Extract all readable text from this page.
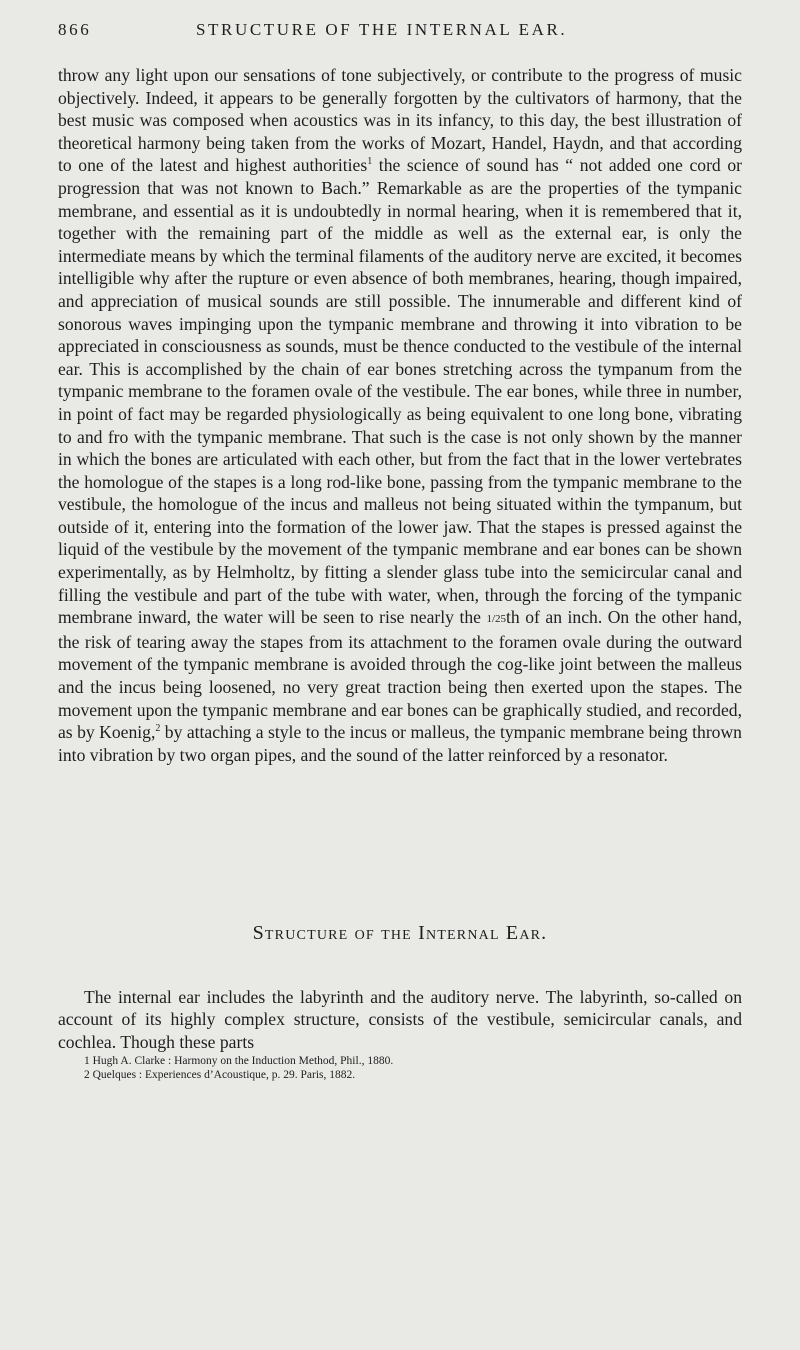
866	STRUCTURE OF THE INTERNAL EAR.

throw any light upon our sensations of tone subjectively, or contribute to the progress of music objectively. Indeed, it appears to be generally forgotten by the cultivators of harmony, that the best music was composed when acoustics was in its infancy, to this day, the best illustration of theoretical harmony being taken from the works of Mozart, Handel, Haydn, and that according to one of the latest and highest authorities$^1$ the science of sound has “ not added one cord or progression that was not known to Bach.” Remarkable as are the properties of the tympanic membrane, and essential as it is undoubtedly in normal hearing, when it is remembered that it, together with the remaining part of the middle as well as the external ear, is only the intermediate means by which the terminal filaments of the auditory nerve are excited, it becomes intelligible why after the rupture or even absence of both membranes, hearing, though impaired, and appreciation of musical sounds are still possible. The innumerable and different kind of sonorous waves impinging upon the tympanic membrane and throwing it into vibration to be appreciated in consciousness as sounds, must be thence conducted to the vestibule of the internal ear. This is accomplished by the chain of ear bones stretching across the tympanum from the tympanic membrane to the foramen ovale of the vestibule. The ear bones, while three in number, in point of fact may be regarded physiologically as being equivalent to one long bone, vibrating to and fro with the tympanic membrane. That such is the case is not only shown by the manner in which the bones are articulated with each other, but from the fact that in the lower vertebrates the homologue of the stapes is a long rod-like bone, passing from the tympanic membrane to the vestibule, the homologue of the incus and malleus not being situated within the tympanum, but outside of it, entering into the formation of the lower jaw. That the stapes is pressed against the liquid of the vestibule by the movement of the tympanic membrane and ear bones can be shown experimentally, as by Helmholtz, by fitting a slender glass tube into the semicircular canal and filling the vestibule and part of the tube with water, when, through the forcing of the tympanic membrane inward, the water will be seen to rise nearly the 1/25th of an inch. On the other hand, the risk of tearing away the stapes from its attachment to the foramen ovale during the outward movement of the tympanic membrane is avoided through the cog-like joint between the malleus and the incus being loosened, no very great traction being then exerted upon the stapes. The movement upon the tympanic membrane and ear bones can be graphically studied, and recorded, as by Koenig,$^2$ by attaching a style to the incus or malleus, the tympanic membrane being thrown into vibration by two organ pipes, and the sound of the latter reinforced by a resonator.

Structure of the Internal Ear.

The internal ear includes the labyrinth and the auditory nerve. The labyrinth, so-called on account of its highly complex structure, consists of the vestibule, semicircular canals, and cochlea. Though these parts

1 Hugh A. Clarke : Harmony on the Induction Method, Phil., 1880.
2 Quelques : Experiences d’Acoustique, p. 29. Paris, 1882.
